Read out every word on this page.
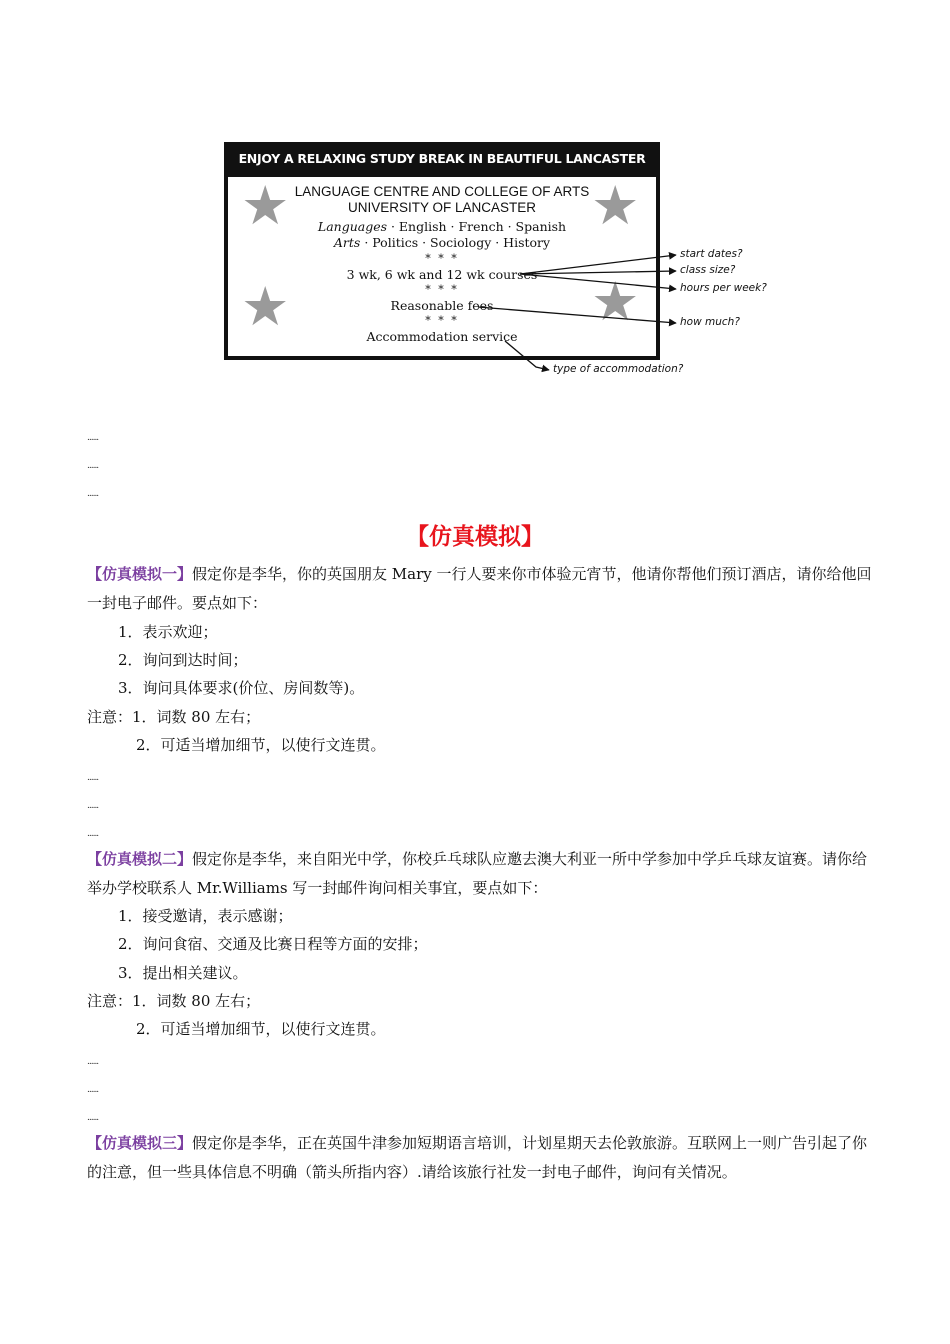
ENJOY A RELAXING STUDY BREAK IN BEAUTIFUL LANCASTER
★	★
★	★
LANGUAGE CENTRE AND COLLEGE OF ARTS
UNIVERSITY OF LANCASTER
Languages · English · French · Spanish
Arts · Politics · Sociology · History
* * *
3 wk, 6 wk and 12 wk courses
* * *
Reasonable fees
* * *
Accommodation service
start dates?
class size?
hours per week?
how much?
type of accommodation?
......
......
......
【仿真模拟】
【仿真模拟一】假定你是李华，你的英国朋友 Mary 一行人要来你市体验元宵节，他请你帮他们预订酒店，请你给他回一封电子邮件。要点如下：
1．表示欢迎；
2．询问到达时间；
3．询问具体要求(价位、房间数等)。
注意：1．词数 80 左右；
2．可适当增加细节，以使行文连贯。
......
......
......
【仿真模拟二】假定你是李华，来自阳光中学，你校乒乓球队应邀去澳大利亚一所中学参加中学乒乓球友谊赛。请你给举办学校联系人 Mr.Williams 写一封邮件询问相关事宜，要点如下：
1．接受邀请，表示感谢；
2．询问食宿、交通及比赛日程等方面的安排；
3．提出相关建议。
注意：1．词数 80 左右；
2．可适当增加细节，以使行文连贯。
......
......
......
【仿真模拟三】假定你是李华，正在英国牛津参加短期语言培训，计划星期天去伦敦旅游。互联网上一则广告引起了你的注意，但一些具体信息不明确（箭头所指内容）.请给该旅行社发一封电子邮件，询问有关情况。
